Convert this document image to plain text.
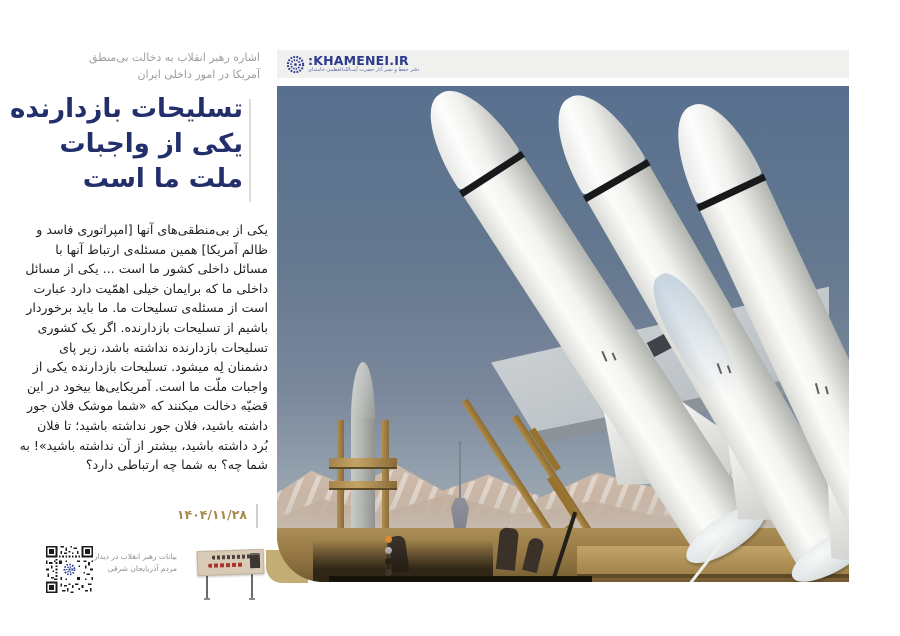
اشاره رهبر انقلاب به دخالت بی‌منطق
آمریکا در امور داخلی ایران
تسلیحات بازدارنده
یکی از واجبات
ملت ما است
یکی از بی‌منطقی‌های آنها [امپراتوری فاسد و ظالم آمریکا] همین مسئله‌ی ارتباط آنها با مسائل داخلی کشور ما است ... یکی از مسائل داخلی ما که برایمان خیلی اهمّیت دارد عبارت است از مسئله‌ی تسلیحات ما. ما باید برخوردار باشیم از تسلیحات بازدارنده. اگر یک کشوری تسلیحات بازدارنده نداشته باشد، زیر پای دشمنان لِه میشود. تسلیحات بازدارنده یکی از واجبات ملّت ما است. آمریکایی‌ها بیخود در این قضیّه دخالت میکنند که «شما موشک فلان جور داشته باشید، فلان جور نداشته باشید؛ تا فلان بُرد داشته باشید، بیشتر از آن نداشته باشید»! به شما چه؟ به شما چه ارتباطی دارد؟
۱۴۰۴/۱۱/۲۸
:KHAMENEI.IR
دفتر حفظ و نشر آثار حضرت آیت‌الله‌العظمی خامنه‌ای
بیانات رهبر انقلاب در دیدار
مردم آذربایجان شرقی
